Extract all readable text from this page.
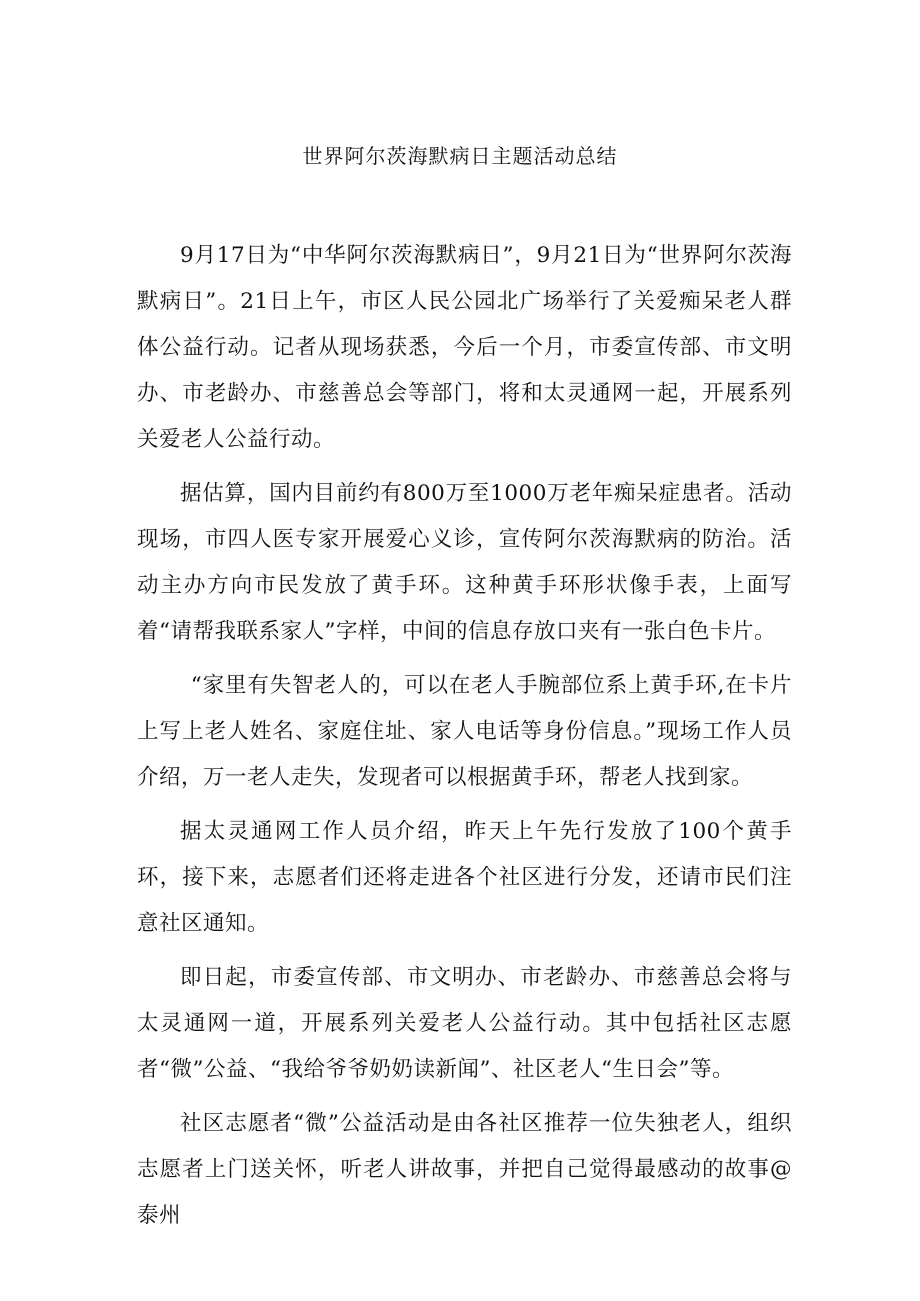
世界阿尔茨海默病日主题活动总结

9月17日为“中华阿尔茨海默病日”，9月21日为“世界阿尔茨海默病日”。21日上午，市区人民公园北广场举行了关爱痴呆老人群体公益行动。记者从现场获悉，今后一个月，市委宣传部、市文明办、市老龄办、市慈善总会等部门，将和太灵通网一起，开展系列关爱老人公益行动。

据估算，国内目前约有800万至1000万老年痴呆症患者。活动现场，市四人医专家开展爱心义诊，宣传阿尔茨海默病的防治。活动主办方向市民发放了黄手环。这种黄手环形状像手表，上面写着“请帮我联系家人”字样，中间的信息存放口夹有一张白色卡片。

“家里有失智老人的，可以在老人手腕部位系上黄手环,在卡片上写上老人姓名、家庭住址、家人电话等身份信息。”现场工作人员介绍，万一老人走失，发现者可以根据黄手环，帮老人找到家。

据太灵通网工作人员介绍，昨天上午先行发放了100个黄手环，接下来，志愿者们还将走进各个社区进行分发，还请市民们注意社区通知。

即日起，市委宣传部、市文明办、市老龄办、市慈善总会将与太灵通网一道，开展系列关爱老人公益行动。其中包括社区志愿者“微”公益、“我给爷爷奶奶读新闻”、社区老人“生日会”等。

社区志愿者“微”公益活动是由各社区推荐一位失独老人，组织志愿者上门送关怀，听老人讲故事，并把自己觉得最感动的故事@泰州
